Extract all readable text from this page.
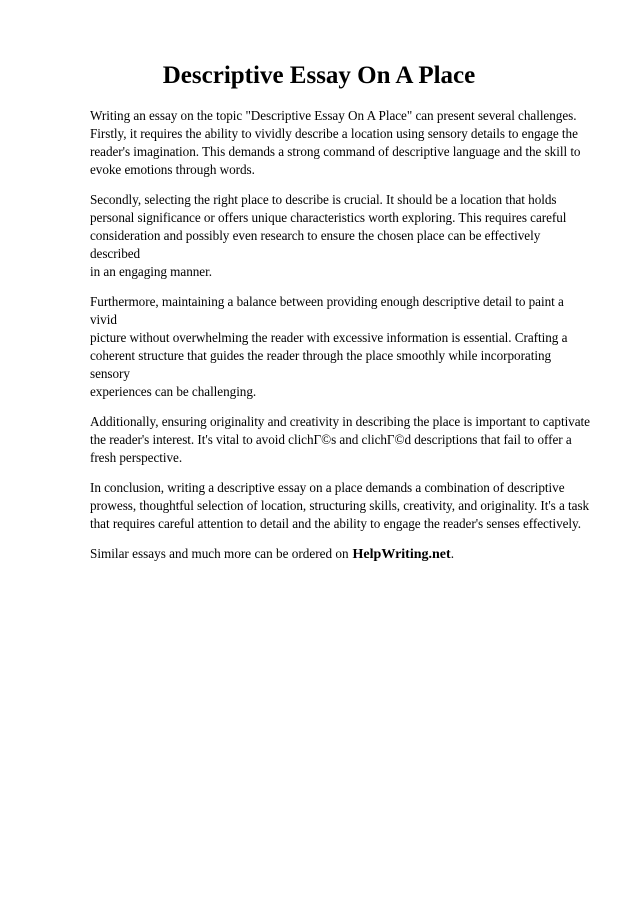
Descriptive Essay On A Place

Writing an essay on the topic "Descriptive Essay On A Place" can present several challenges.
Firstly, it requires the ability to vividly describe a location using sensory details to engage the
reader's imagination. This demands a strong command of descriptive language and the skill to
evoke emotions through words.

Secondly, selecting the right place to describe is crucial. It should be a location that holds
personal significance or offers unique characteristics worth exploring. This requires careful
consideration and possibly even research to ensure the chosen place can be effectively described
in an engaging manner.

Furthermore, maintaining a balance between providing enough descriptive detail to paint a vivid
picture without overwhelming the reader with excessive information is essential. Crafting a
coherent structure that guides the reader through the place smoothly while incorporating sensory
experiences can be challenging.

Additionally, ensuring originality and creativity in describing the place is important to captivate
the reader's interest. It's vital to avoid clichГ©s and clichГ©d descriptions that fail to offer a
fresh perspective.

In conclusion, writing a descriptive essay on a place demands a combination of descriptive
prowess, thoughtful selection of location, structuring skills, creativity, and originality. It's a task
that requires careful attention to detail and the ability to engage the reader's senses effectively.

Similar essays and much more can be ordered on HelpWriting.net.
